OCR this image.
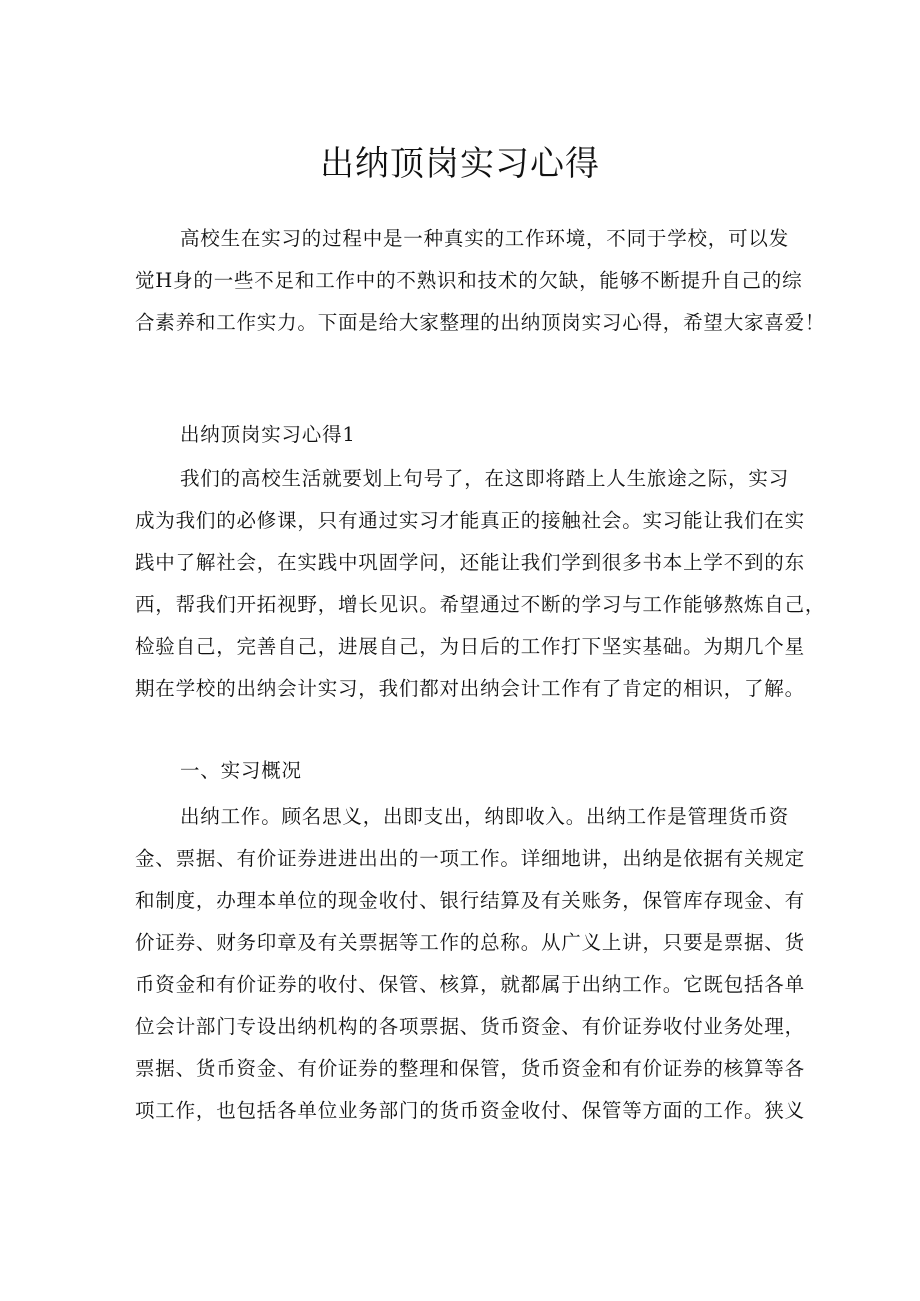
出纳顶岗实习心得

高校生在实习的过程中是一种真实的工作环境，不同于学校，可以发
觉H身的一些不足和工作中的不熟识和技术的欠缺，能够不断提升自己的综
合素养和工作实力。下面是给大家整理的出纳顶岗实习心得，希望大家喜爱！

出纳顶岗实习心得1

我们的高校生活就要划上句号了，在这即将踏上人生旅途之际，实习
成为我们的必修课，只有通过实习才能真正的接触社会。实习能让我们在实
践中了解社会，在实践中巩固学问，还能让我们学到很多书本上学不到的东
西，帮我们开拓视野，增长见识。希望通过不断的学习与工作能够熬炼自己，
检验自己，完善自己，进展自己，为日后的工作打下坚实基础。为期几个星
期在学校的出纳会计实习，我们都对出纳会计工作有了肯定的相识，了解。

一、实习概况

出纳工作。顾名思义，出即支出，纳即收入。出纳工作是管理货币资
金、票据、有价证券进进出出的一项工作。详细地讲，出纳是依据有关规定
和制度，办理本单位的现金收付、银行结算及有关账务，保管库存现金、有
价证券、财务印章及有关票据等工作的总称。从广义上讲，只要是票据、货
币资金和有价证券的收付、保管、核算，就都属于出纳工作。它既包括各单
位会计部门专设出纳机构的各项票据、货币资金、有价证券收付业务处理，
票据、货币资金、有价证券的整理和保管，货币资金和有价证券的核算等各
项工作，也包括各单位业务部门的货币资金收付、保管等方面的工作。狭义
